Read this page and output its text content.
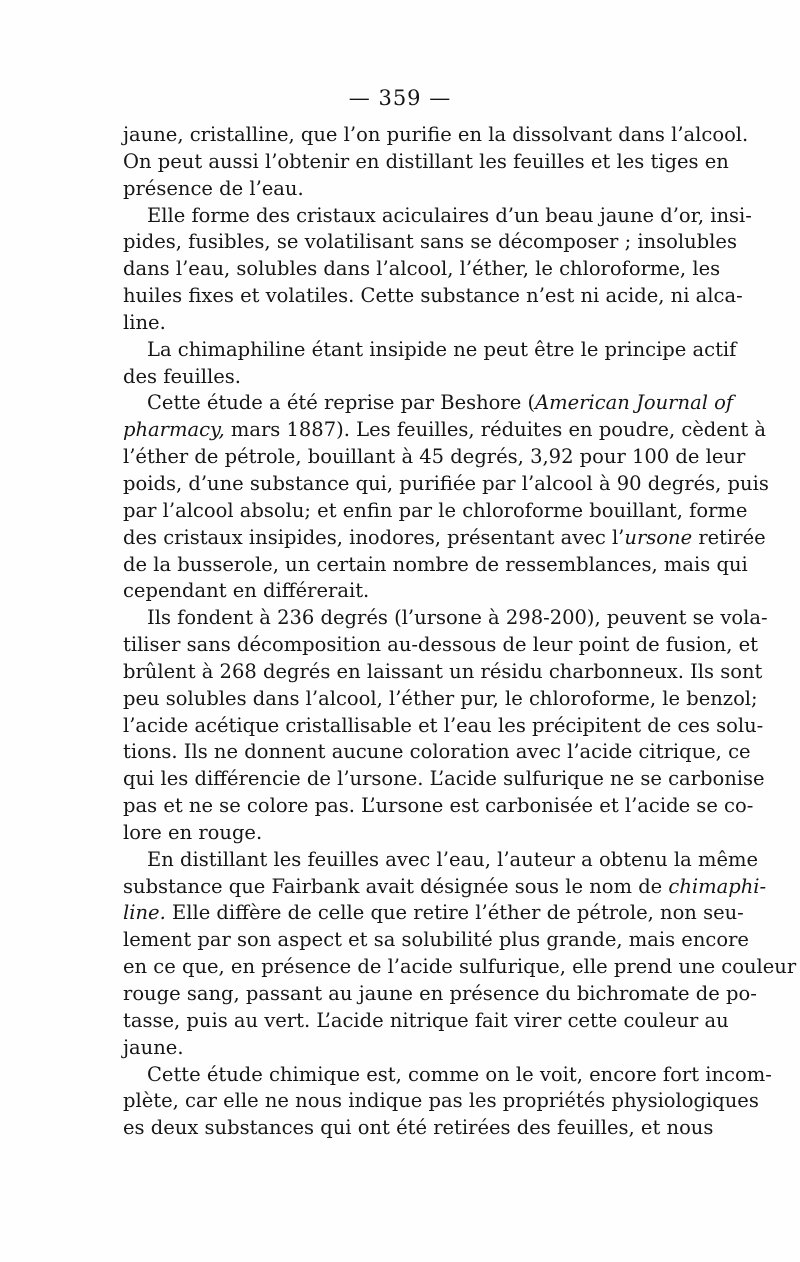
— 359 —
jaune, cristalline, que l’on purifie en la dissolvant dans l’alcool.
On peut aussi l’obtenir en distillant les feuilles et les tiges en
présence de l’eau.
Elle forme des cristaux aciculaires d’un beau jaune d’or, insi-
pides, fusibles, se volatilisant sans se décomposer ; insolubles
dans l’eau, solubles dans l’alcool, l’éther, le chloroforme, les
huiles fixes et volatiles. Cette substance n’est ni acide, ni alca-
line.
La chimaphiline étant insipide ne peut être le principe actif
des feuilles.
Cette étude a été reprise par Beshore (American Journal of
pharmacy, mars 1887). Les feuilles, réduites en poudre, cèdent à
l’éther de pétrole, bouillant à 45 degrés, 3,92 pour 100 de leur
poids, d’une substance qui, purifiée par l’alcool à 90 degrés, puis
par l’alcool absolu; et enfin par le chloroforme bouillant, forme
des cristaux insipides, inodores, présentant avec l’ursone retirée
de la busserole, un certain nombre de ressemblances, mais qui
cependant en différerait.
Ils fondent à 236 degrés (l’ursone à 298-200), peuvent se vola-
tiliser sans décomposition au-dessous de leur point de fusion, et
brûlent à 268 degrés en laissant un résidu charbonneux. Ils sont
peu solubles dans l’alcool, l’éther pur, le chloroforme, le benzol;
l’acide acétique cristallisable et l’eau les précipitent de ces solu-
tions. Ils ne donnent aucune coloration avec l’acide citrique, ce
qui les différencie de l’ursone. L’acide sulfurique ne se carbonise
pas et ne se colore pas. L’ursone est carbonisée et l’acide se co-
lore en rouge.
En distillant les feuilles avec l’eau, l’auteur a obtenu la même
substance que Fairbank avait désignée sous le nom de chimaphi-
line. Elle diffère de celle que retire l’éther de pétrole, non seu-
lement par son aspect et sa solubilité plus grande, mais encore
en ce que, en présence de l’acide sulfurique, elle prend une couleur
rouge sang, passant au jaune en présence du bichromate de po-
tasse, puis au vert. L’acide nitrique fait virer cette couleur au
jaune.
Cette étude chimique est, comme on le voit, encore fort incom-
plète, car elle ne nous indique pas les propriétés physiologiques
es deux substances qui ont été retirées des feuilles, et nous
